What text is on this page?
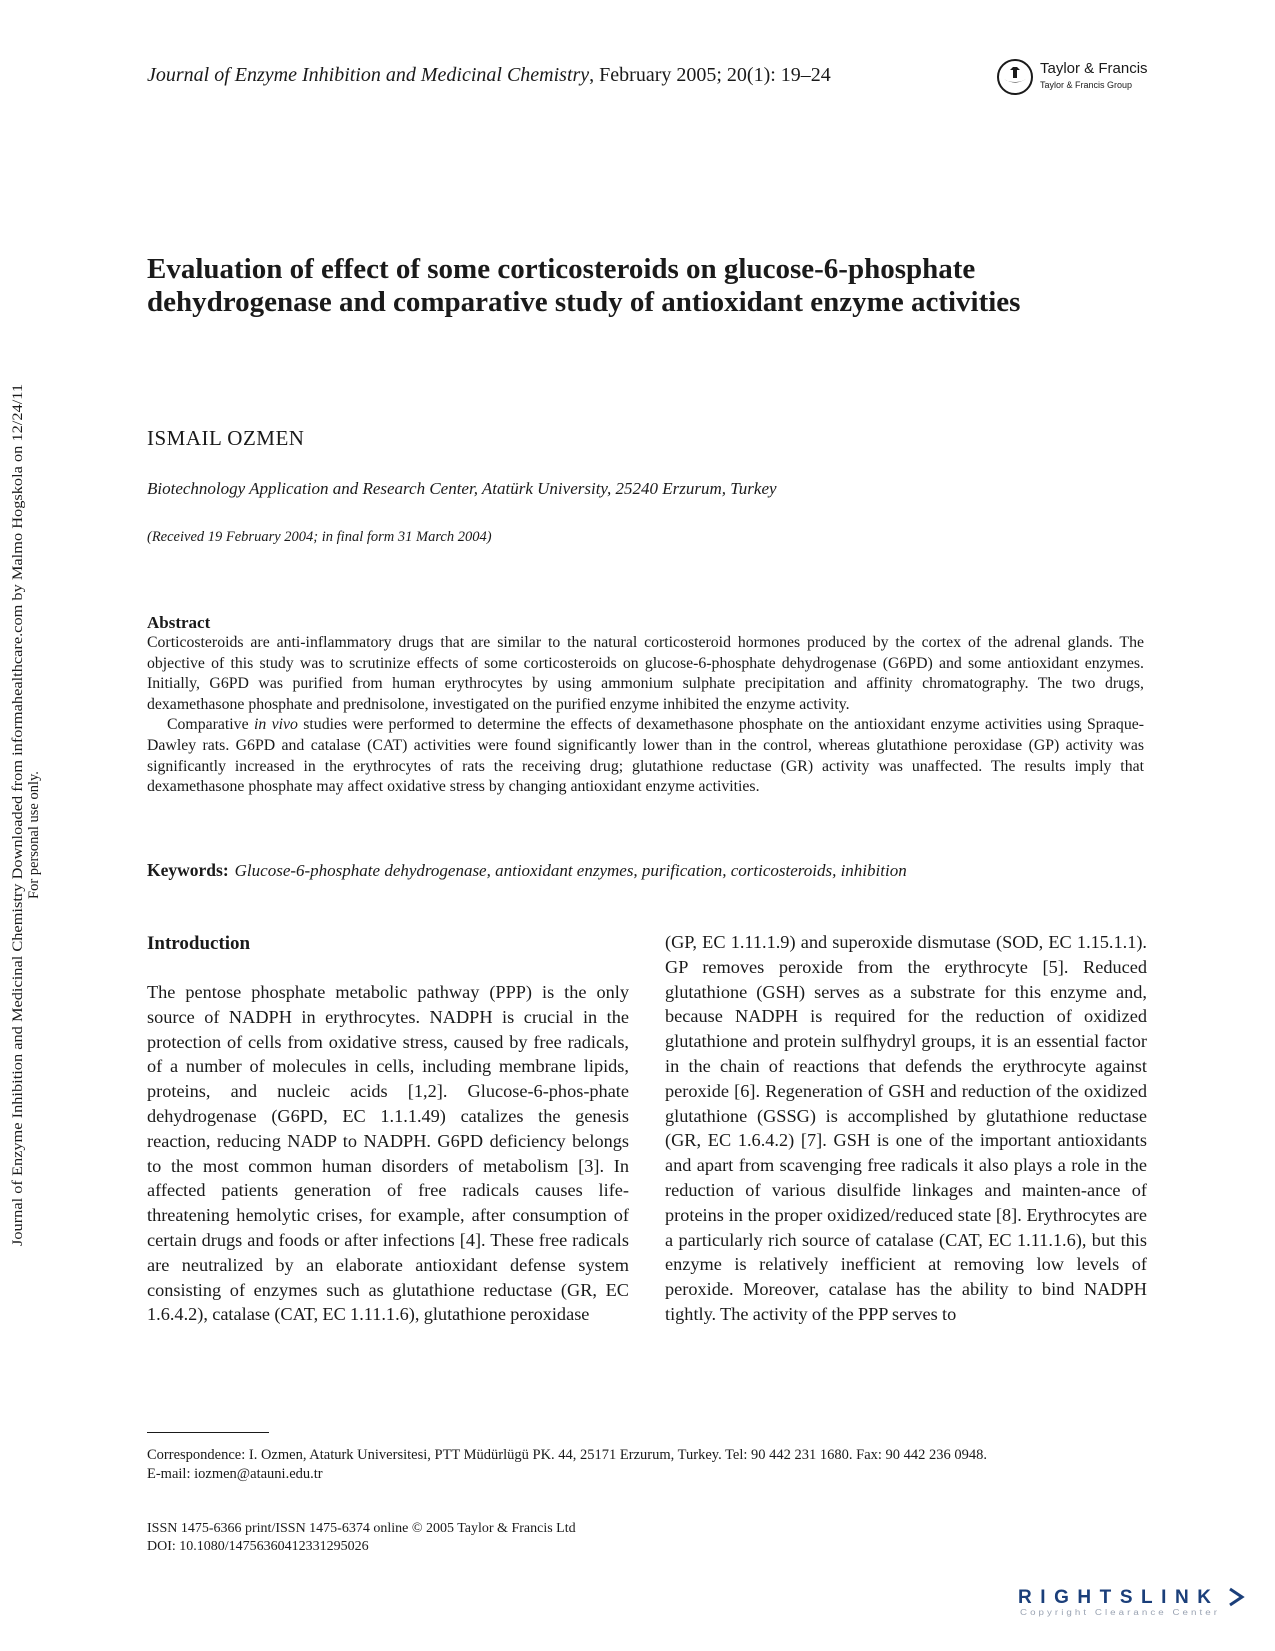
Journal of Enzyme Inhibition and Medicinal Chemistry, February 2005; 20(1): 19–24	Taylor & Francis
Taylor & Francis Group
Journal of Enzyme Inhibition and Medicinal Chemistry Downloaded from informahealthcare.com by Malmo Hogskola on 12/24/11 For personal use only.
Evaluation of effect of some corticosteroids on glucose-6-phosphate dehydrogenase and comparative study of antioxidant enzyme activities
ISMAIL OZMEN
Biotechnology Application and Research Center, Atatürk University, 25240 Erzurum, Turkey
(Received 19 February 2004; in final form 31 March 2004)
Abstract

Corticosteroids are anti-inflammatory drugs that are similar to the natural corticosteroid hormones produced by the cortex of the adrenal glands. The objective of this study was to scrutinize effects of some corticosteroids on glucose-6-phosphate dehydrogenase (G6PD) and some antioxidant enzymes. Initially, G6PD was purified from human erythrocytes by using ammonium sulphate precipitation and affinity chromatography. The two drugs, dexamethasone phosphate and prednisolone, investigated on the purified enzyme inhibited the enzyme activity.

Comparative in vivo studies were performed to determine the effects of dexamethasone phosphate on the antioxidant enzyme activities using Spraque-Dawley rats. G6PD and catalase (CAT) activities were found significantly lower than in the control, whereas glutathione peroxidase (GP) activity was significantly increased in the erythrocytes of rats the receiving drug; glutathione reductase (GR) activity was unaffected. The results imply that dexamethasone phosphate may affect oxidative stress by changing antioxidant enzyme activities.

Keywords: Glucose-6-phosphate dehydrogenase, antioxidant enzymes, purification, corticosteroids, inhibition
Introduction

The pentose phosphate metabolic pathway (PPP) is the only source of NADPH in erythrocytes. NADPH is crucial in the protection of cells from oxidative stress, caused by free radicals, of a number of molecules in cells, including membrane lipids, proteins, and nucleic acids [1,2]. Glucose-6-phos-phate dehydrogenase (G6PD, EC 1.1.1.49) catalizes the genesis reaction, reducing NADP to NADPH. G6PD deficiency belongs to the most common human disorders of metabolism [3]. In affected patients generation of free radicals causes life-threatening hemolytic crises, for example, after consumption of certain drugs and foods or after infections [4]. These free radicals are neutralized by an elaborate antioxidant defense system consisting of enzymes such as glutathione reductase (GR, EC 1.6.4.2), catalase (CAT, EC 1.11.1.6), glutathione peroxidase

(GP, EC 1.11.1.9) and superoxide dismutase (SOD, EC 1.15.1.1). GP removes peroxide from the erythrocyte [5]. Reduced glutathione (GSH) serves as a substrate for this enzyme and, because NADPH is required for the reduction of oxidized glutathione and protein sulfhydryl groups, it is an essential factor in the chain of reactions that defends the erythrocyte against peroxide [6]. Regeneration of GSH and reduction of the oxidized glutathione (GSSG) is accomplished by glutathione reductase (GR, EC 1.6.4.2) [7]. GSH is one of the important antioxidants and apart from scavenging free radicals it also plays a role in the reduction of various disulfide linkages and mainten-ance of proteins in the proper oxidized/reduced state [8]. Erythrocytes are a particularly rich source of catalase (CAT, EC 1.11.1.6), but this enzyme is relatively inefficient at removing low levels of peroxide. Moreover, catalase has the ability to bind NADPH tightly. The activity of the PPP serves to

Correspondence: I. Ozmen, Ataturk Universitesi, PTT Müdürlügü PK. 44, 25171 Erzurum, Turkey. Tel: 90 442 231 1680. Fax: 90 442 236 0948.

E-mail: iozmen@atauni.edu.tr

ISSN 1475-6366 print/ISSN 1475-6374 online © 2005 Taylor & Francis Ltd
DOI: 10.1080/14756360412331295026
RIGHTSLINK
Copyright Clearance Center
